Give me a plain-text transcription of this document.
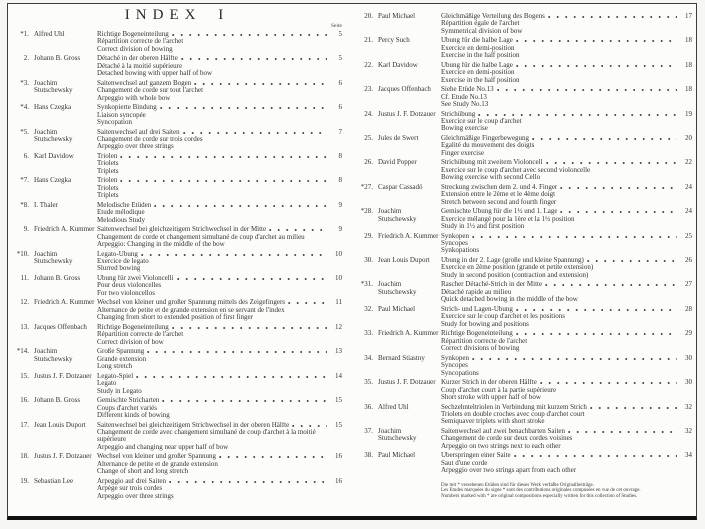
INDEX I
Seite
*1. Alfred Uhl	Richtige Bogeneinteilung	5
Répartition correcte de l'archet
Correct division of bowing
2. Johann B. Gross	Détaché in der oberen Hälfte	5
Détaché à la moitié supérieure
Detached bowing with upper half of bow
*3. Joachim Stutschewsky
Saitenwechsel auf ganzem Bogen	6
Changement de corde sur tout l'archet
Arpeggio with whole bow
*4. Hans Czegka	Synkopierte Bindung	6
Liaison syncopée
Syncopation
*5. Joachim Stutschewsky
Saitenwechsel auf drei Saiten	7
Changement de corde sur trois cordes
Arpeggio over three strings
6. Karl Davidow	Triolen	8
Triolets
Triplets
*7. Hans Czegka	Triolen	8
Triolets
Triplets
*8. I. Thaler	Melodische Etüden	9
Etude mélodique
Melodious Study
9. Friedrich A. Kummer Saitenwechsel bei gleichzeitigem Strichwechsel in der Mitte	9
Changement de corde et changement simultané de coup d'archet au milieu
Arpeggio: Changing in the middle of the bow
*10. Joachim Stutschewsky
Legato-Übung	10
Exercice de legato
Slurred bowing
11. Johann B. Gross	Übung für zwei Violoncelli	10
Pour deux violoncelles
For two violoncellos
12. Friedrich A. Kummer Wechsel von kleiner und großer Spannung mittels des Zeigefingers	11
Alternance de petite et de grande extension en se servant de l'index
Changing from short to extended position of first finger
13. Jacques Offenbach	Richtige Bogeneinteilung	12
Répartition correcte de l'archet
Correct division of bow
*14. Joachim Stutschewsky
Große Spannung	13
Grande extension
Long stretch
15. Justus J. F. Dotzauer Legato-Spiel	14
Legato
Study in Legato
16. Johann B. Gross	Gemischte Stricharten	15
Coups d'archet variés
Different kinds of bowing
17. Jean Louis Duport	Saitenwechsel bei gleichzeitigem Strichwechsel in der oberen Hälfte	15
Changement de corde avec changement simultané de coup d'archet à la moitié supérieure
Arpeggio and changing near upper half of bow
18. Justus J. F. Dotzauer Wechsel von kleiner und großer Spannung	16
Alternance de petite et de grande extension
Change of short and long stretch
19. Sebastian Lee	Arpeggio auf drei Saiten	16
Arpège sur trois cordes
Arpeggio over three strings
20. Paul Michael	Gleichmäßige Verteilung des Bogens	17
Répartition égale de l'archet
Symmetrical division of bow
21. Percy Such	Übung für die halbe Lage	18
Exercice en demi-position
Exercise in the half position
22. Karl Davidow	Übung für die halbe Lage	18
Exercice en demi-position
Exercise in the half position
23. Jacques Offenbach	Siehe Etüde No.13	18
Cf. Etude No.13
See Study No.13
24. Justus J. F. Dotzauer Strichübung	19
Exercice sur le coup d'archet
Bowing exercise
25. Jules de Swert	Gleichmäßige Fingerbewegung	20
Egalité du mouvement des doigts
Finger exercise
26. David Popper	Strichübung mit zweitem Violoncell	22
Exercice sur le coup d'archet avec second violoncelle
Bowing exercise with second Cello
*27. Caspar Cassadó	Streckung zwischen dem 2. und 4. Finger	24
Extension entre le 2ème et le 4ème doigt
Stretch between second and fourth finger
*28. Joachim Stutschewsky
Gemischte Übung für die 1½ und 1. Lage	24
Exercice mélangé pour la 1ère et la 1½ position
Study in 1½ and first position
29. Friedrich A. Kummer Synkopen	25
Syncopes
Synkopations
30. Jean Louis Duport	Übung in der 2. Lage (große und kleine Spannung)	26
Exercice en 2ème position (grande et petite extension)
Study in second position (contraction and extension)
*31. Joachim Stutschewsky
Rascher Détaché-Strich in der Mitte	27
Détaché rapide au milieu
Quick detached bowing in the middle of the bow
32. Paul Michael	Strich- und Lagen-Übung	28
Exercice sur le coup d'archet et les positions
Study for bowing and positions
33. Friedrich A. Kummer Richtige Bogeneinteilung	29
Répartition correcte de l'archet
Correct divisions of bowing
34. Bernard Stiastny	Synkopen	30
Syncopes
Syncopations
35. Justus J. F. Dotzauer Kurzer Strich in der oberen Hälfte	30
Coup d'archet court à la partie supérieure
Short stroke with upper half of bow
36. Alfred Uhl	Sechzehnteltriolen in Verbindung mit kurzem Strich	32
Triolets en double croches avec coup d'archet court
Semiquaver triplets with short stroke
37. Joachim Stutschewsky
Saitenwechsel auf zwei benachbarten Saiten	32
Changement de corde sur deux cordes voisines
Arpeggio on two strings next to each other
38. Paul Michael	Überspringen einer Saite	34
Saut d'une corde
Arpeggio over two strings apart from each other
Die mit * versehenen Etüden sind für dieses Werk verfaßte Originalbeiträge.
Les Etudes marquées du signe * sont des contributions originales composées en vue de cet ouvrage.
Numbers marked with * are original compositions especially written for this collection of Studies.
